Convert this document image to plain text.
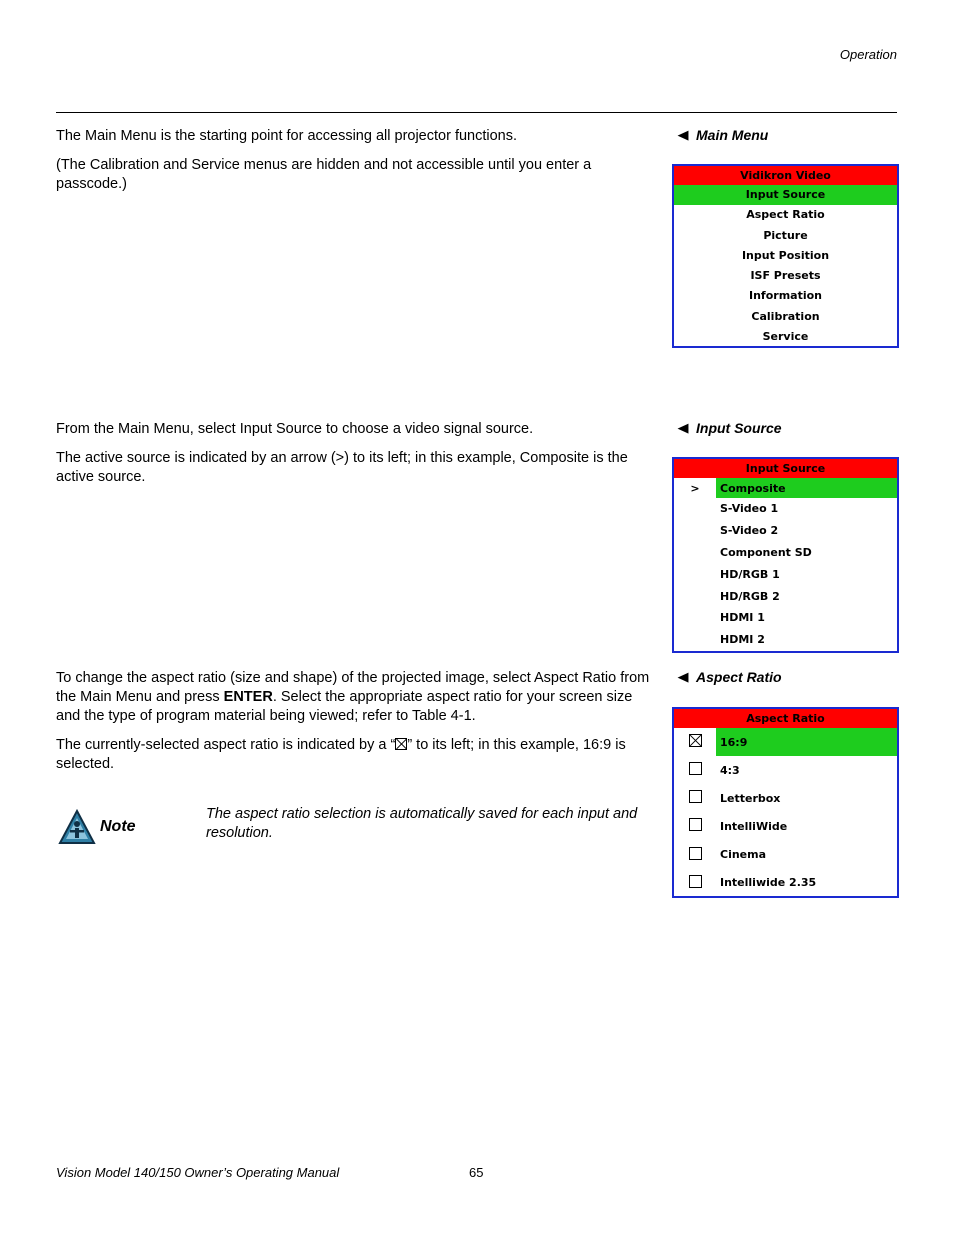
Operation

The Main Menu is the starting point for accessing all projector functions.

(The Calibration and Service menus are hidden and not accessible until you enter a passcode.)

◀ Main Menu
Vidikron Video
Input Source
Aspect Ratio
Picture
Input Position
ISF Presets
Information
Calibration
Service

From the Main Menu, select Input Source to choose a video signal source.

The active source is indicated by an arrow (>) to its left; in this example, Composite is the active source.

◀ Input Source
Input Source
>	Composite
S-Video 1
S-Video 2
Component SD
HD/RGB 1
HD/RGB 2
HDMI 1
HDMI 2

To change the aspect ratio (size and shape) of the projected image, select Aspect Ratio from the Main Menu and press ENTER. Select the appropriate aspect ratio for your screen size and the type of program material being viewed; refer to Table 4-1.

The currently-selected aspect ratio is indicated by a “ ” to its left; in this example, 16:9 is selected.

◀ Aspect Ratio
Aspect Ratio
16:9
4:3
Letterbox
IntelliWide
Cinema
Intelliwide 2.35
Note
The aspect ratio selection is automatically saved for each input and resolution.
Vision Model 140/150 Owner’s Operating Manual	65
